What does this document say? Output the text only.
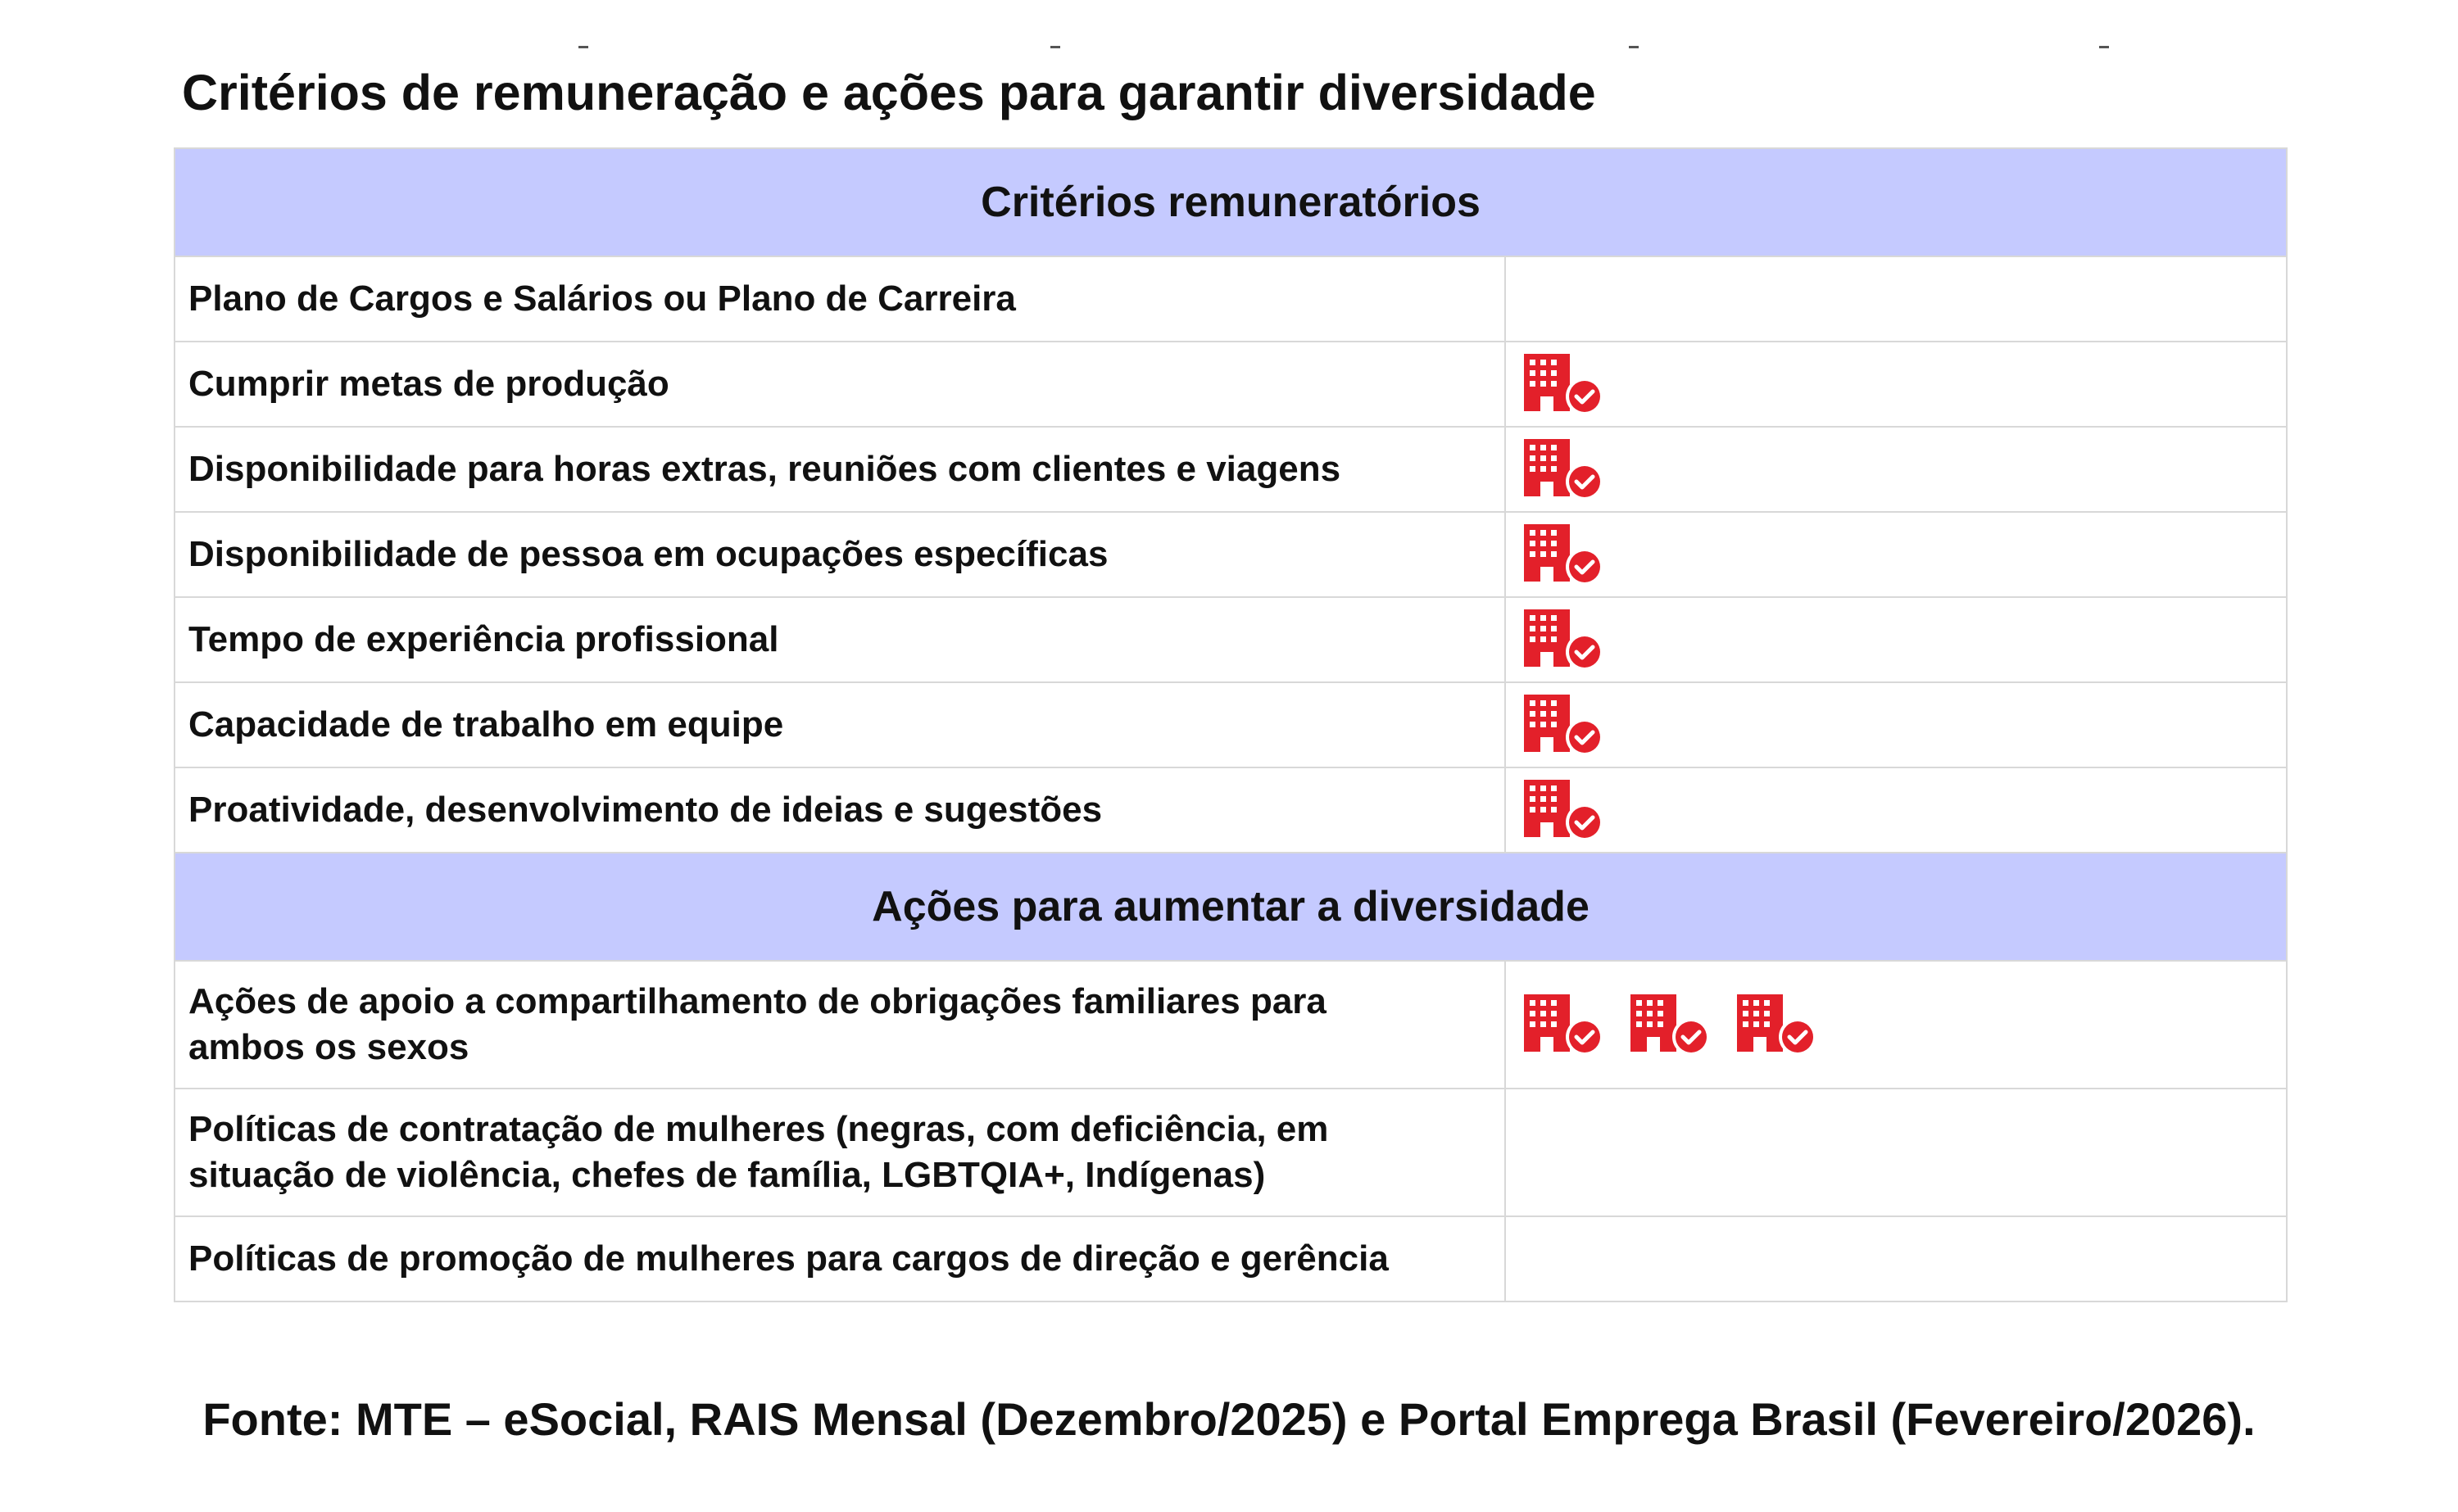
Critérios de remuneração e ações para garantir diversidade
Critérios remuneratórios	
Plano de Cargos e Salários ou Plano de Carreira	
Cumprir metas de produção	

Disponibilidade para horas extras, reuniões com clientes e viagens	

Disponibilidade de pessoa em ocupações específicas	

Tempo de experiência profissional	

Capacidade de trabalho em equipe	

Proatividade, desenvolvimento de ideias e sugestões	

Ações para aumentar a diversidade	
Ações de apoio a compartilhamento de obrigações familiares para
ambos os sexos	

Políticas de contratação de mulheres (negras, com deficiência, em
situação de violência, chefes de família, LGBTQIA+, Indígenas)	
Políticas de promoção de mulheres para cargos de direção e gerência	
Fonte: MTE – eSocial, RAIS Mensal (Dezembro/2025) e Portal Emprega Brasil (Fevereiro/2026).
